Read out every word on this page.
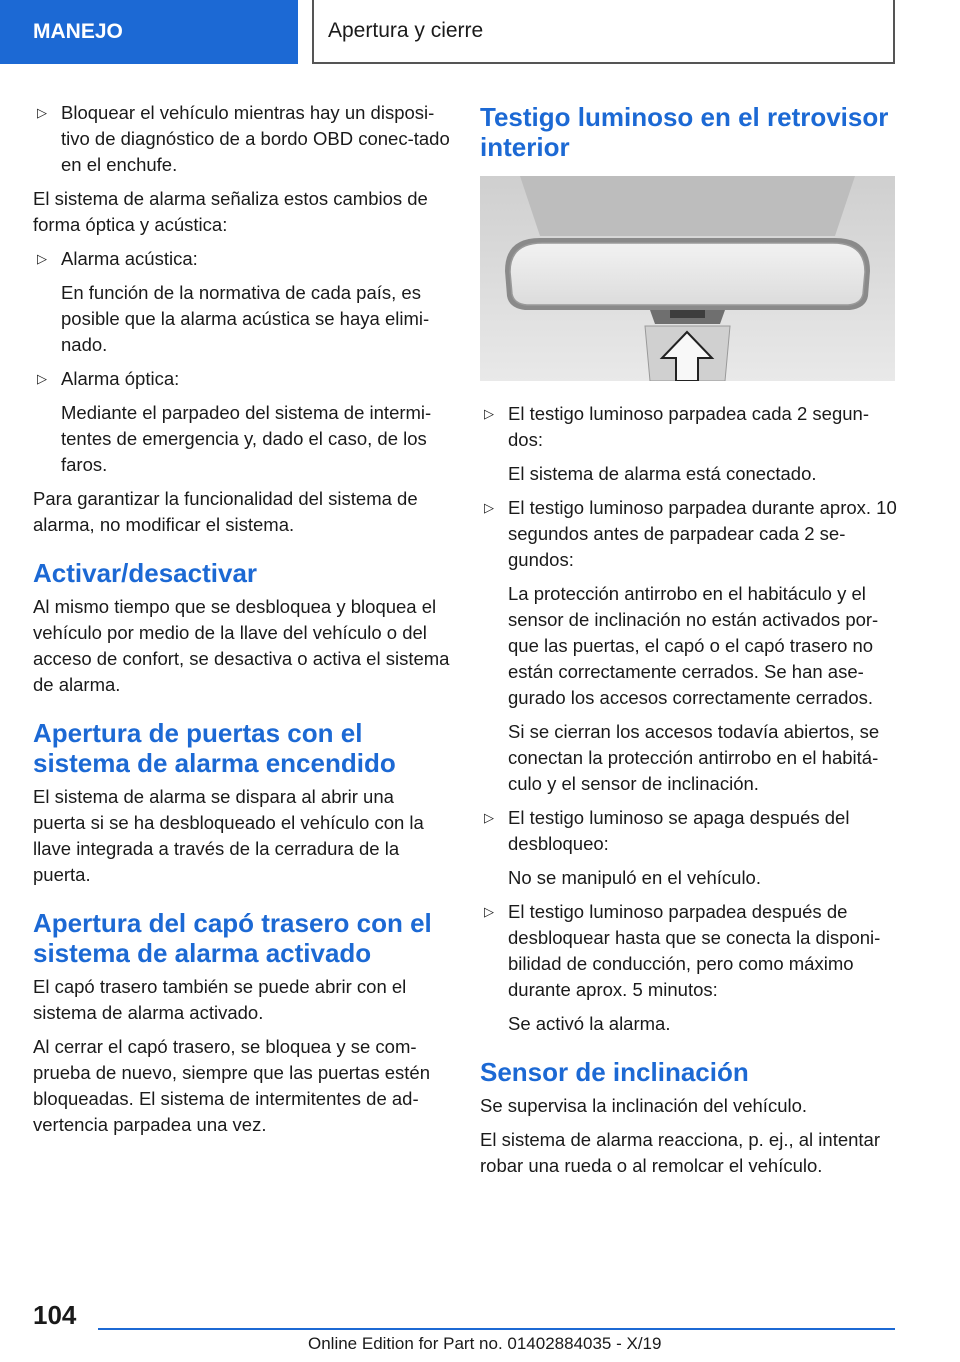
MANEJO	Apertura y cierre
▷ Bloquear el vehículo mientras hay un disposi‐tivo de diagnóstico de a bordo OBD conec‐tado en el enchufe.

El sistema de alarma señaliza estos cambios de forma óptica y acústica:

▷ Alarma acústica:
En función de la normativa de cada país, es posible que la alarma acústica se haya elimi‐nado.
▷ Alarma óptica:
Mediante el parpadeo del sistema de intermi‐tentes de emergencia y, dado el caso, de los faros.

Para garantizar la funcionalidad del sistema de alarma, no modificar el sistema.

Activar/desactivar

Al mismo tiempo que se desbloquea y bloquea el vehículo por medio de la llave del vehículo o del acceso de confort, se desactiva o activa el sistema de alarma.

Apertura de puertas con el sistema de alarma encendido

El sistema de alarma se dispara al abrir una puerta si se ha desbloqueado el vehículo con la llave integrada a través de la cerradura de la puerta.

Apertura del capó trasero con el sistema de alarma activado

El capó trasero también se puede abrir con el sistema de alarma activado.

Al cerrar el capó trasero, se bloquea y se com‐prueba de nuevo, siempre que las puertas estén bloqueadas. El sistema de intermitentes de ad‐vertencia parpadea una vez.

Testigo luminoso en el retrovisor interior
▷ El testigo luminoso parpadea cada 2 segun‐dos:
El sistema de alarma está conectado.
▷ El testigo luminoso parpadea durante aprox. 10 segundos antes de parpadear cada 2 se‐gundos:
La protección antirrobo en el habitáculo y el sensor de inclinación no están activados por‐que las puertas, el capó o el capó trasero no están correctamente cerrados. Se han ase‐gurado los accesos correctamente cerrados.
Si se cierran los accesos todavía abiertos, se conectan la protección antirrobo en el habitá‐culo y el sensor de inclinación.
▷ El testigo luminoso se apaga después del desbloqueo:
No se manipuló en el vehículo.
▷ El testigo luminoso parpadea después de desbloquear hasta que se conecta la disponi‐bilidad de conducción, pero como máximo durante aprox. 5 minutos:
Se activó la alarma.
Sensor de inclinación

Se supervisa la inclinación del vehículo.

El sistema de alarma reacciona, p. ej., al intentar robar una rueda o al remolcar el vehículo.

104
Online Edition for Part no. 01402884035 - X/19
